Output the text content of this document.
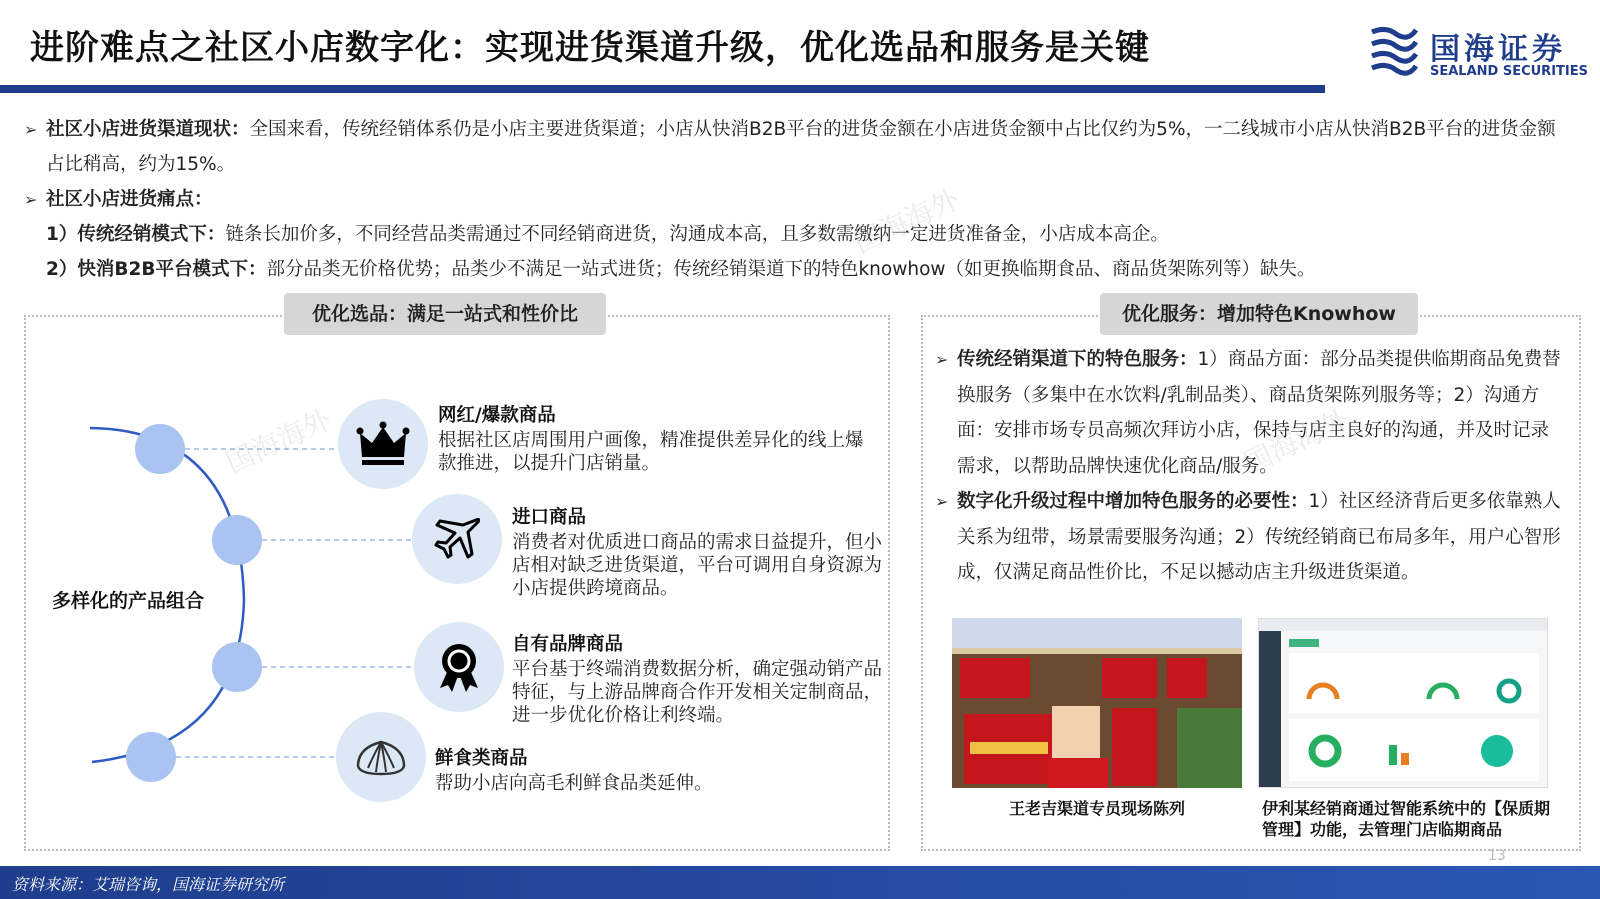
进阶难点之社区小店数字化：实现进货渠道升级，优化选品和服务是关键	国海证券
SEALAND SECURITIES
➢ 社区小店进货渠道现状：全国来看，传统经销体系仍是小店主要进货渠道；小店从快消B2B平台的进货金额在小店进货金额中占比仅约为5%，一二线城市小店从快消B2B平台的进货金额占比稍高，约为15%。
➢ 社区小店进货痛点：
1）传统经销模式下：链条长加价多，不同经营品类需通过不同经销商进货，沟通成本高，且多数需缴纳一定进货准备金，小店成本高企。
2）快消B2B平台模式下：部分品类无价格优势；品类少不满足一站式进货；传统经销渠道下的特色knowhow（如更换临期食品、商品货架陈列等）缺失。
优化选品：满足一站式和性价比	优化服务：增加特色Knowhow
多样化的产品组合
网红/爆款商品
根据社区店周围用户画像，精准提供差异化的线上爆款推进，以提升门店销量。
进口商品
消费者对优质进口商品的需求日益提升，但小店相对缺乏进货渠道，平台可调用自身资源为小店提供跨境商品。
自有品牌商品
平台基于终端消费数据分析，确定强动销产品特征，与上游品牌商合作开发相关定制商品，进一步优化价格让利终端。
鲜食类商品
帮助小店向高毛利鲜食品类延伸。
➢ 传统经销渠道下的特色服务：1）商品方面：部分品类提供临期商品免费替换服务（多集中在水饮料/乳制品类）、商品货架陈列服务等；2）沟通方面：安排市场专员高频次拜访小店，保持与店主良好的沟通，并及时记录需求，以帮助品牌快速优化商品/服务。
➢ 数字化升级过程中增加特色服务的必要性：1）社区经济背后更多依靠熟人关系为纽带，场景需要服务沟通；2）传统经销商已布局多年，用户心智形成，仅满足商品性价比，不足以撼动店主升级进货渠道。
王老吉渠道专员现场陈列	伊利某经销商通过智能系统中的【保质期管理】功能，去管理门店临期商品
国海海外
国海海外
国海海外
13
资料来源：艾瑞咨询，国海证券研究所
